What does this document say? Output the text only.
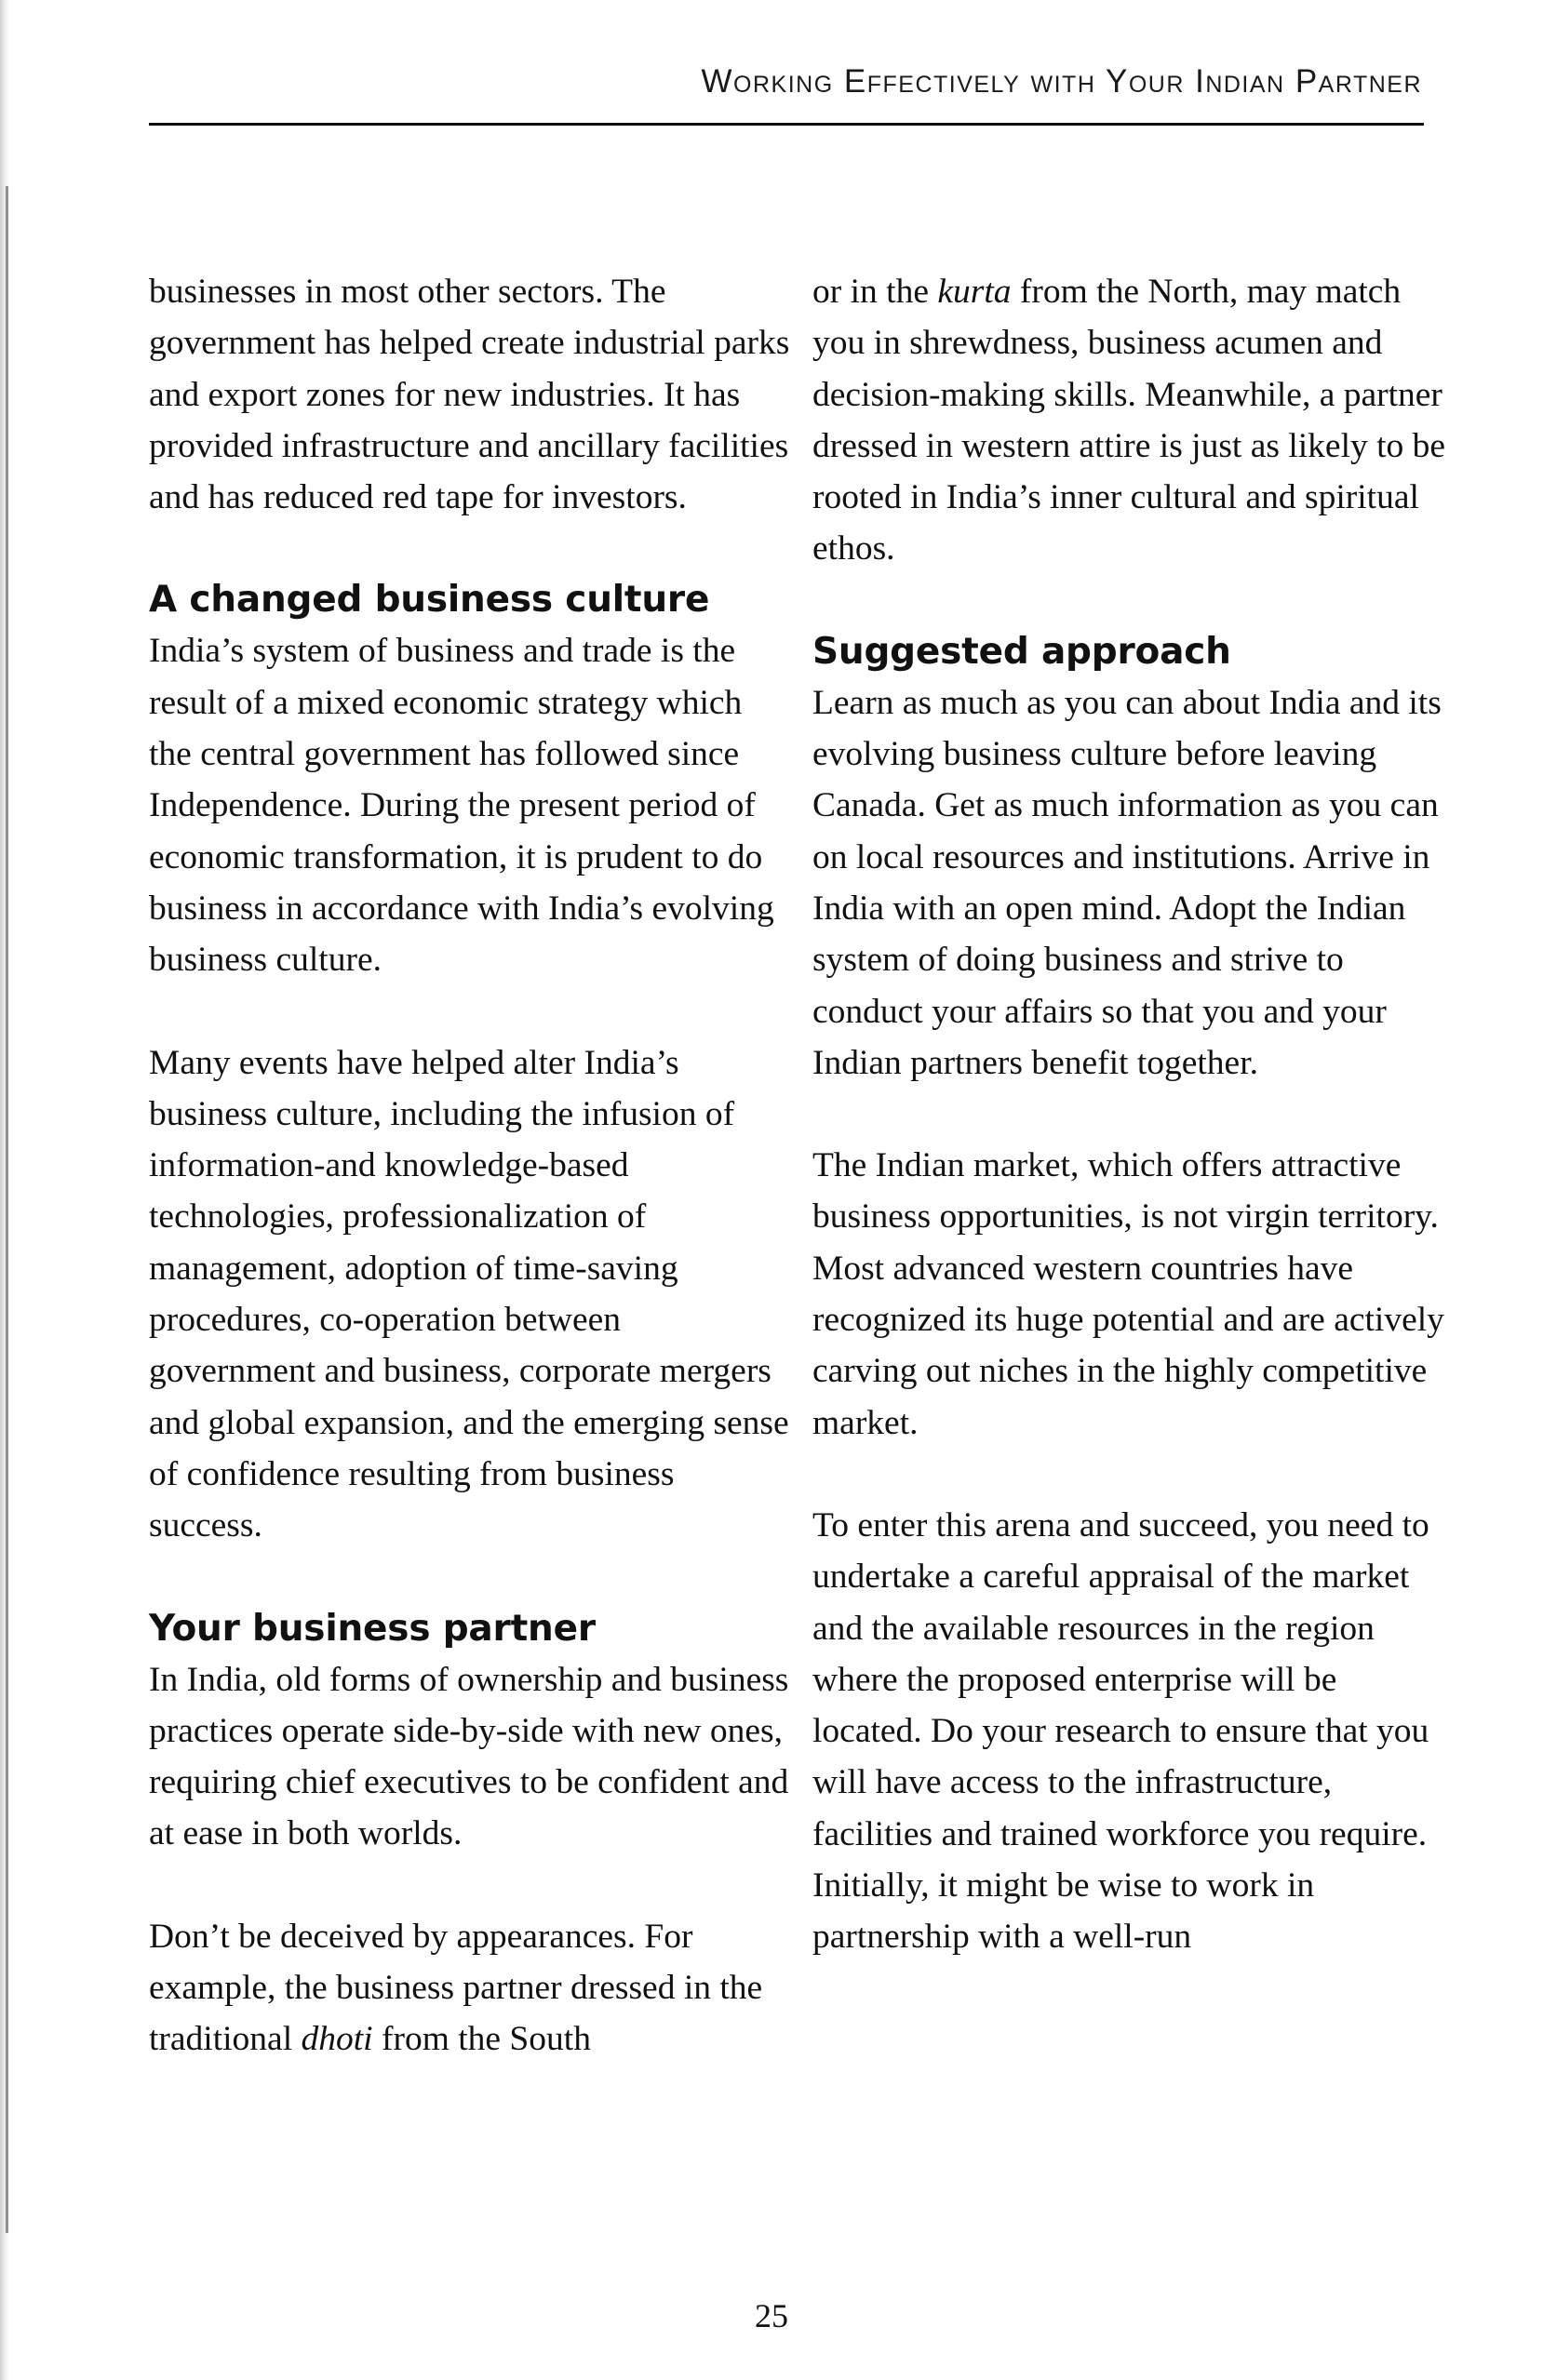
Working Effectively with Your Indian Partner

businesses in most other sectors. The government has helped create industrial parks and export zones for new industries. It has provided infrastructure and ancillary facilities and has reduced red tape for investors.

A changed business culture

India’s system of business and trade is the result of a mixed economic strategy which the central government has followed since Independence. During the present period of economic transformation, it is prudent to do business in accordance with India’s evolving business culture.

Many events have helped alter India’s business culture, including the infusion of information-and knowledge-based technologies, professionalization of management, adoption of time-saving procedures, co-operation between government and business, corporate mergers and global expansion, and the emerging sense of confidence resulting from business success.

Your business partner

In India, old forms of ownership and business practices operate side-by-side with new ones, requiring chief executives to be confident and at ease in both worlds.

Don’t be deceived by appearances. For example, the business partner dressed in the traditional dhoti from the South

or in the kurta from the North, may match you in shrewdness, business acumen and decision-making skills. Meanwhile, a partner dressed in western attire is just as likely to be rooted in India’s inner cultural and spiritual ethos.

Suggested approach

Learn as much as you can about India and its evolving business culture before leaving Canada. Get as much information as you can on local resources and institutions. Arrive in India with an open mind. Adopt the Indian system of doing business and strive to conduct your affairs so that you and your Indian partners benefit together.

The Indian market, which offers attractive business opportunities, is not virgin territory. Most advanced western countries have recognized its huge potential and are actively carving out niches in the highly competitive market.

To enter this arena and succeed, you need to undertake a careful appraisal of the market and the available resources in the region where the proposed enterprise will be located. Do your research to ensure that you will have access to the infrastructure, facilities and trained workforce you require. Initially, it might be wise to work in partnership with a well-run

25
